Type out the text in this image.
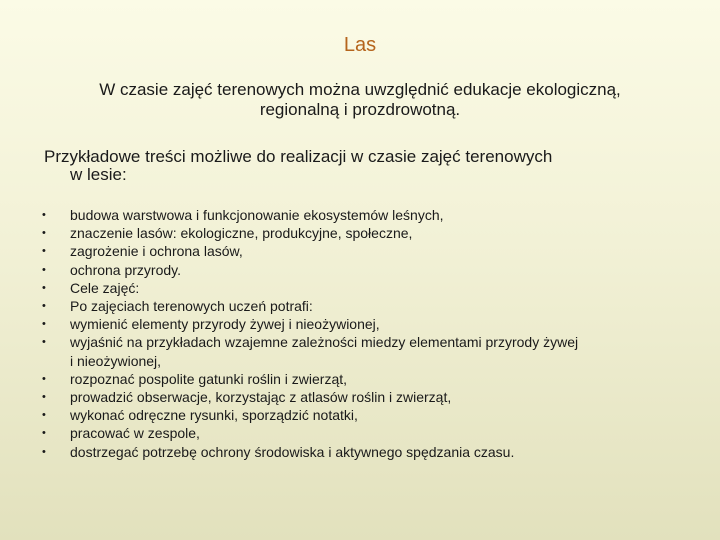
Las

W czasie zajęć terenowych można uwzględnić edukacje ekologiczną,

regionalną i prozdrowotną.

Przykładowe treści możliwe do realizacji w czasie zajęć terenowych
w lesie:
• budowa warstwowa i funkcjonowanie ekosystemów leśnych,
• znaczenie lasów: ekologiczne, produkcyjne, społeczne,
• zagrożenie i ochrona lasów,
• ochrona przyrody.
• Cele zajęć:
• Po zajęciach terenowych uczeń potrafi:
• wymienić elementy przyrody żywej i nieożywionej,
• wyjaśnić na przykładach wzajemne zależności miedzy elementami przyrody żywej
i nieożywionej,
• rozpoznać pospolite gatunki roślin i zwierząt,
• prowadzić obserwacje, korzystając z atlasów roślin i zwierząt,
• wykonać odręczne rysunki, sporządzić notatki,
• pracować w zespole,
• dostrzegać potrzebę ochrony środowiska i aktywnego spędzania czasu.
